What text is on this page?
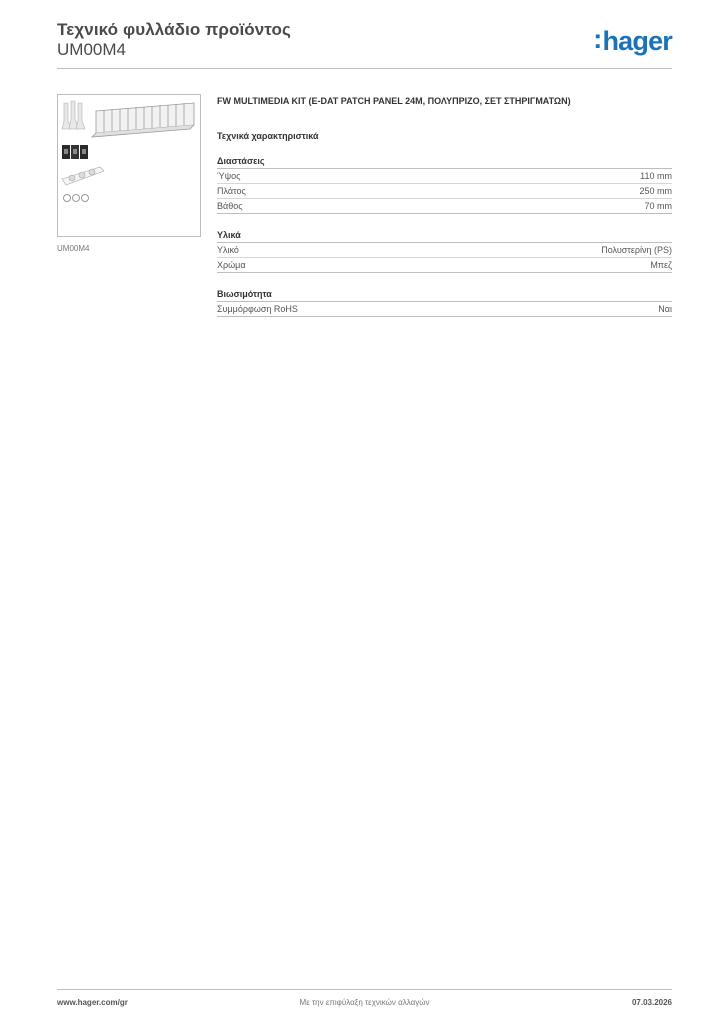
Τεχνικό φυλλάδιο προϊόντος
UM00M4	:hager
UM00M4
FW MULTIMEDIA KIT (E-DAT PATCH PANEL 24M, ΠΟΛΥΠΡΙΖΟ, ΣΕΤ ΣΤΗΡΙΓΜΑΤΩΝ)
Τεχνικά χαρακτηριστικά
Διαστάσεις
Ύψος	110 mm
Πλάτος	250 mm
Βάθος	70 mm
Υλικά
Υλικό	Πολυστερίνη (PS)
Χρώμα	Μπεζ
Βιωσιμότητα
Συμμόρφωση RoHS	Ναι
www.hager.com/gr	Με την επιφύλαξη τεχνικών αλλαγών	07.03.2026
